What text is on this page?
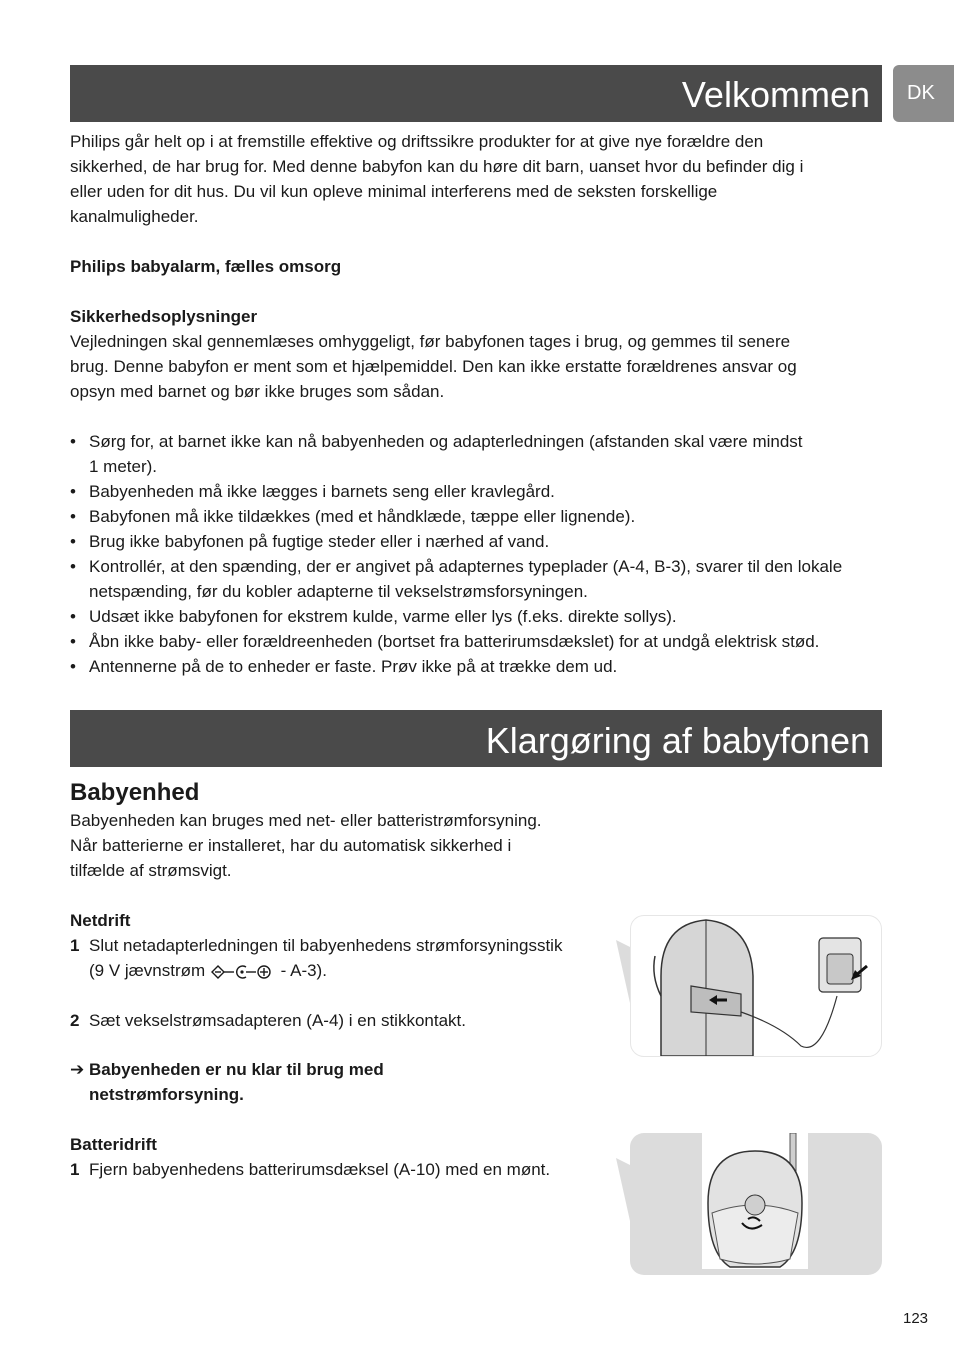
Velkommen	DK

Philips går helt op i at fremstille effektive og driftssikre produkter for at give nye forældre den

sikkerhed, de har brug for. Med denne babyfon kan du høre dit barn, uanset hvor du befinder dig i

eller uden for dit hus. Du vil kun opleve minimal interferens med de seksten forskellige

kanalmuligheder.

Philips babyalarm, fælles omsorg
Sikkerhedsoplysninger

Vejledningen skal gennemlæses omhyggeligt, før babyfonen tages i brug, og gemmes til senere

brug. Denne babyfon er ment som et hjælpemiddel. Den kan ikke erstatte forældrenes ansvar og

opsyn med barnet og bør ikke bruges som sådan.

• Sørg for, at barnet ikke kan nå babyenheden og adapterledningen (afstanden skal være mindst
1 meter).
• Babyenheden må ikke lægges i barnets seng eller kravlegård.
• Babyfonen må ikke tildækkes (med et håndklæde, tæppe eller lignende).
• Brug ikke babyfonen på fugtige steder eller i nærhed af vand.
• Kontrollér, at den spænding, der er angivet på adapternes typeplader (A-4, B-3), svarer til den lokale
netspænding, før du kobler adapterne til vekselstrømsforsyningen.
• Udsæt ikke babyfonen for ekstrem kulde, varme eller lys (f.eks. direkte sollys).
• Åbn ikke baby- eller forældreenheden (bortset fra batterirumsdækslet) for at undgå elektrisk stød.
• Antennerne på de to enheder er faste. Prøv ikke på at trække dem ud.
Klargøring af babyfonen
Babyenhed

Babyenheden kan bruges med net- eller batteristrømforsyning.

Når batterierne er installeret, har du automatisk sikkerhed i

tilfælde af strømsvigt.

Netdrift
1 Slut netadapterledningen til babyenhedens strømforsyningsstik
(9 V jævnstrøm	- A-3).
2 Sæt vekselstrømsadapteren (A-4) i en stikkontakt.
➔ Babyenheden er nu klar til brug med
netstrømforsyning.
Batteridrift
1 Fjern babyenhedens batterirumsdæksel (A-10) med en mønt.
123
